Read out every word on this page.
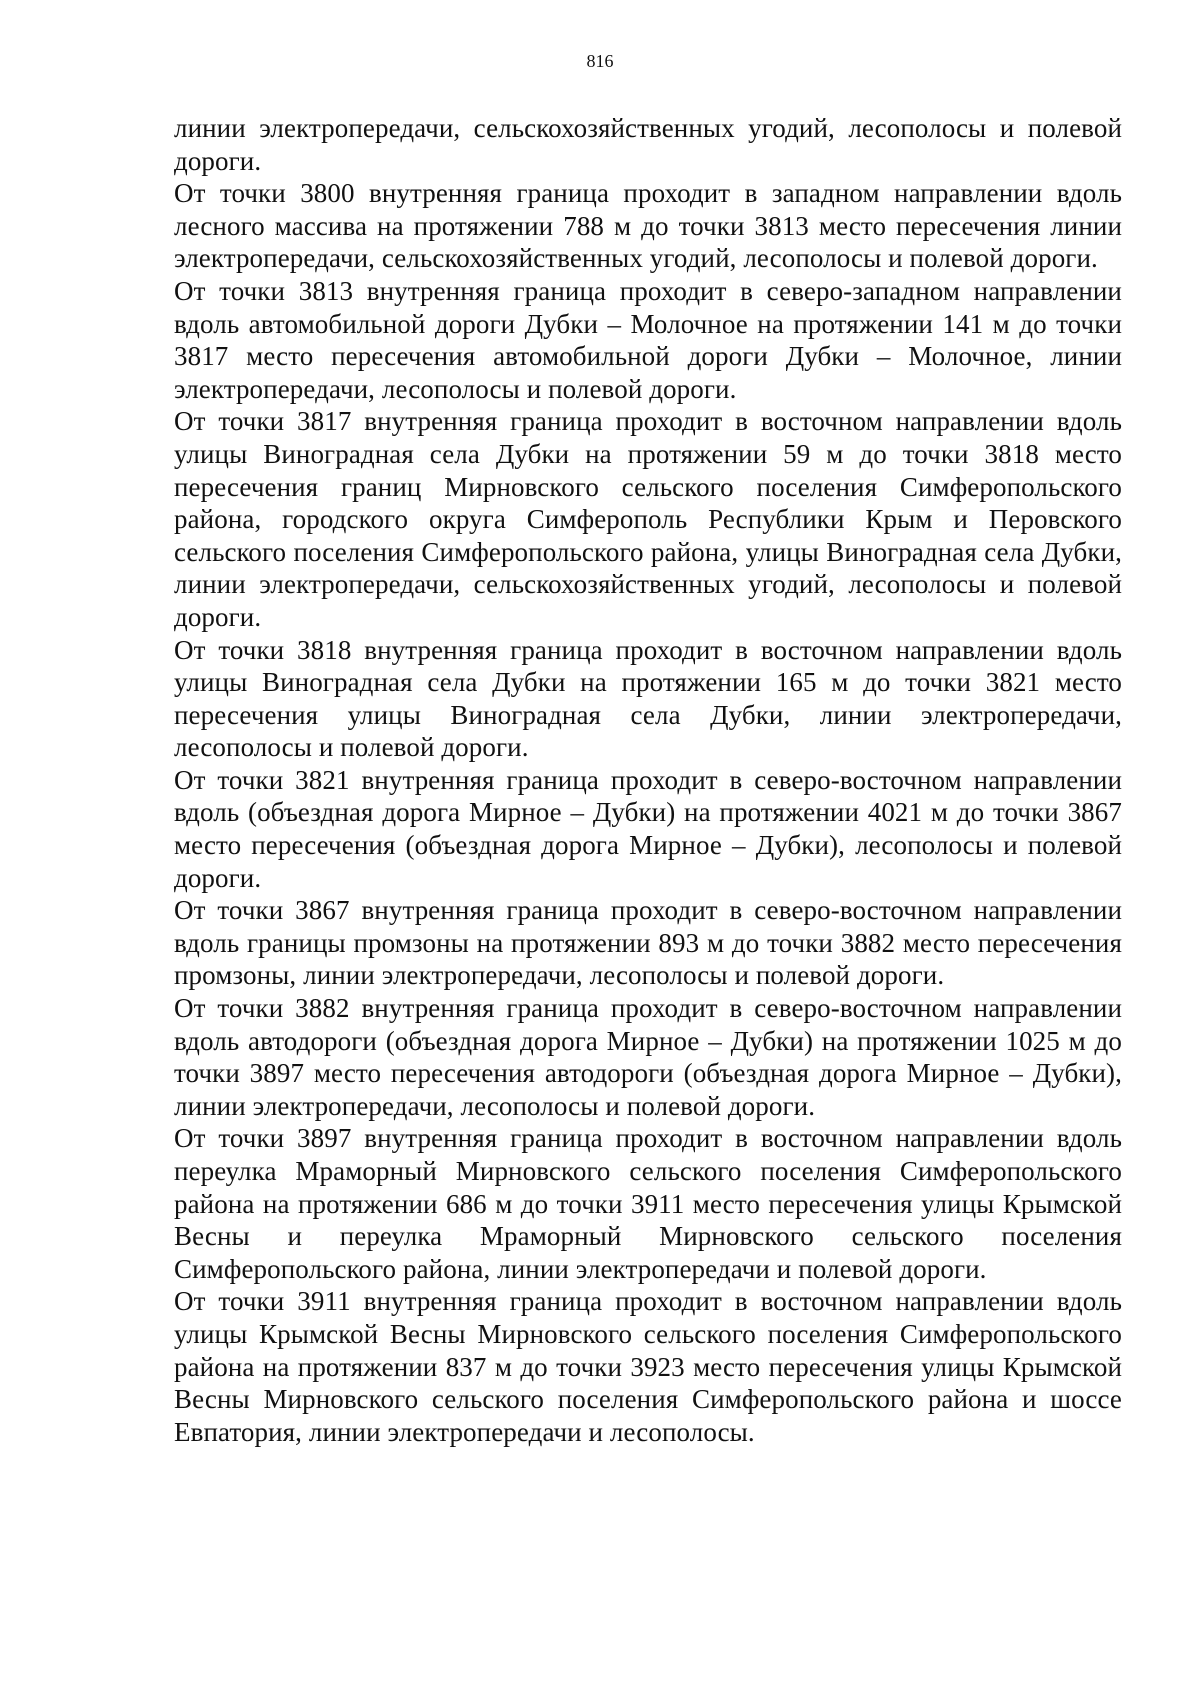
816

линии электропередачи, сельскохозяйственных угодий, лесополосы и полевой дороги.

От точки 3800 внутренняя граница проходит в западном направлении вдоль лесного массива на протяжении 788 м до точки 3813 место пересечения линии электропередачи, сельскохозяйственных угодий, лесополосы и полевой дороги.

От точки 3813 внутренняя граница проходит в северо-западном направлении вдоль автомобильной дороги Дубки – Молочное на протяжении 141 м до точки 3817 место пересечения автомобильной дороги Дубки – Молочное, линии электропередачи, лесополосы и полевой дороги.

От точки 3817 внутренняя граница проходит в восточном направлении вдоль улицы Виноградная села Дубки на протяжении 59 м до точки 3818 место пересечения границ Мирновского сельского поселения Симферопольского района, городского округа Симферополь Республики Крым и Перовского сельского поселения Симферопольского района, улицы Виноградная села Дубки, линии электропередачи, сельскохозяйственных угодий, лесополосы и полевой дороги.

От точки 3818 внутренняя граница проходит в восточном направлении вдоль улицы Виноградная села Дубки на протяжении 165 м до точки 3821 место пересечения улицы Виноградная села Дубки, линии электропередачи, лесополосы и полевой дороги.

От точки 3821 внутренняя граница проходит в северо-восточном направлении вдоль (объездная дорога Мирное – Дубки) на протяжении 4021 м до точки 3867 место пересечения (объездная дорога Мирное – Дубки), лесополосы и полевой дороги.

От точки 3867 внутренняя граница проходит в северо-восточном направлении вдоль границы промзоны на протяжении 893 м до точки 3882 место пересечения промзоны, линии электропередачи, лесополосы и полевой дороги.

От точки 3882 внутренняя граница проходит в северо-восточном направлении вдоль автодороги (объездная дорога Мирное – Дубки) на протяжении 1025 м до точки 3897 место пересечения автодороги (объездная дорога Мирное – Дубки), линии электропередачи, лесополосы и полевой дороги.

От точки 3897 внутренняя граница проходит в восточном направлении вдоль переулка Мраморный Мирновского сельского поселения Симферопольского района на протяжении 686 м до точки 3911 место пересечения улицы Крымской Весны и переулка Мраморный Мирновского сельского поселения Симферопольского района, линии электропередачи и полевой дороги.

От точки 3911 внутренняя граница проходит в восточном направлении вдоль улицы Крымской Весны Мирновского сельского поселения Симферопольского района на протяжении 837 м до точки 3923 место пересечения улицы Крымской Весны Мирновского сельского поселения Симферопольского района и шоссе Евпатория, линии электропередачи и лесополосы.
